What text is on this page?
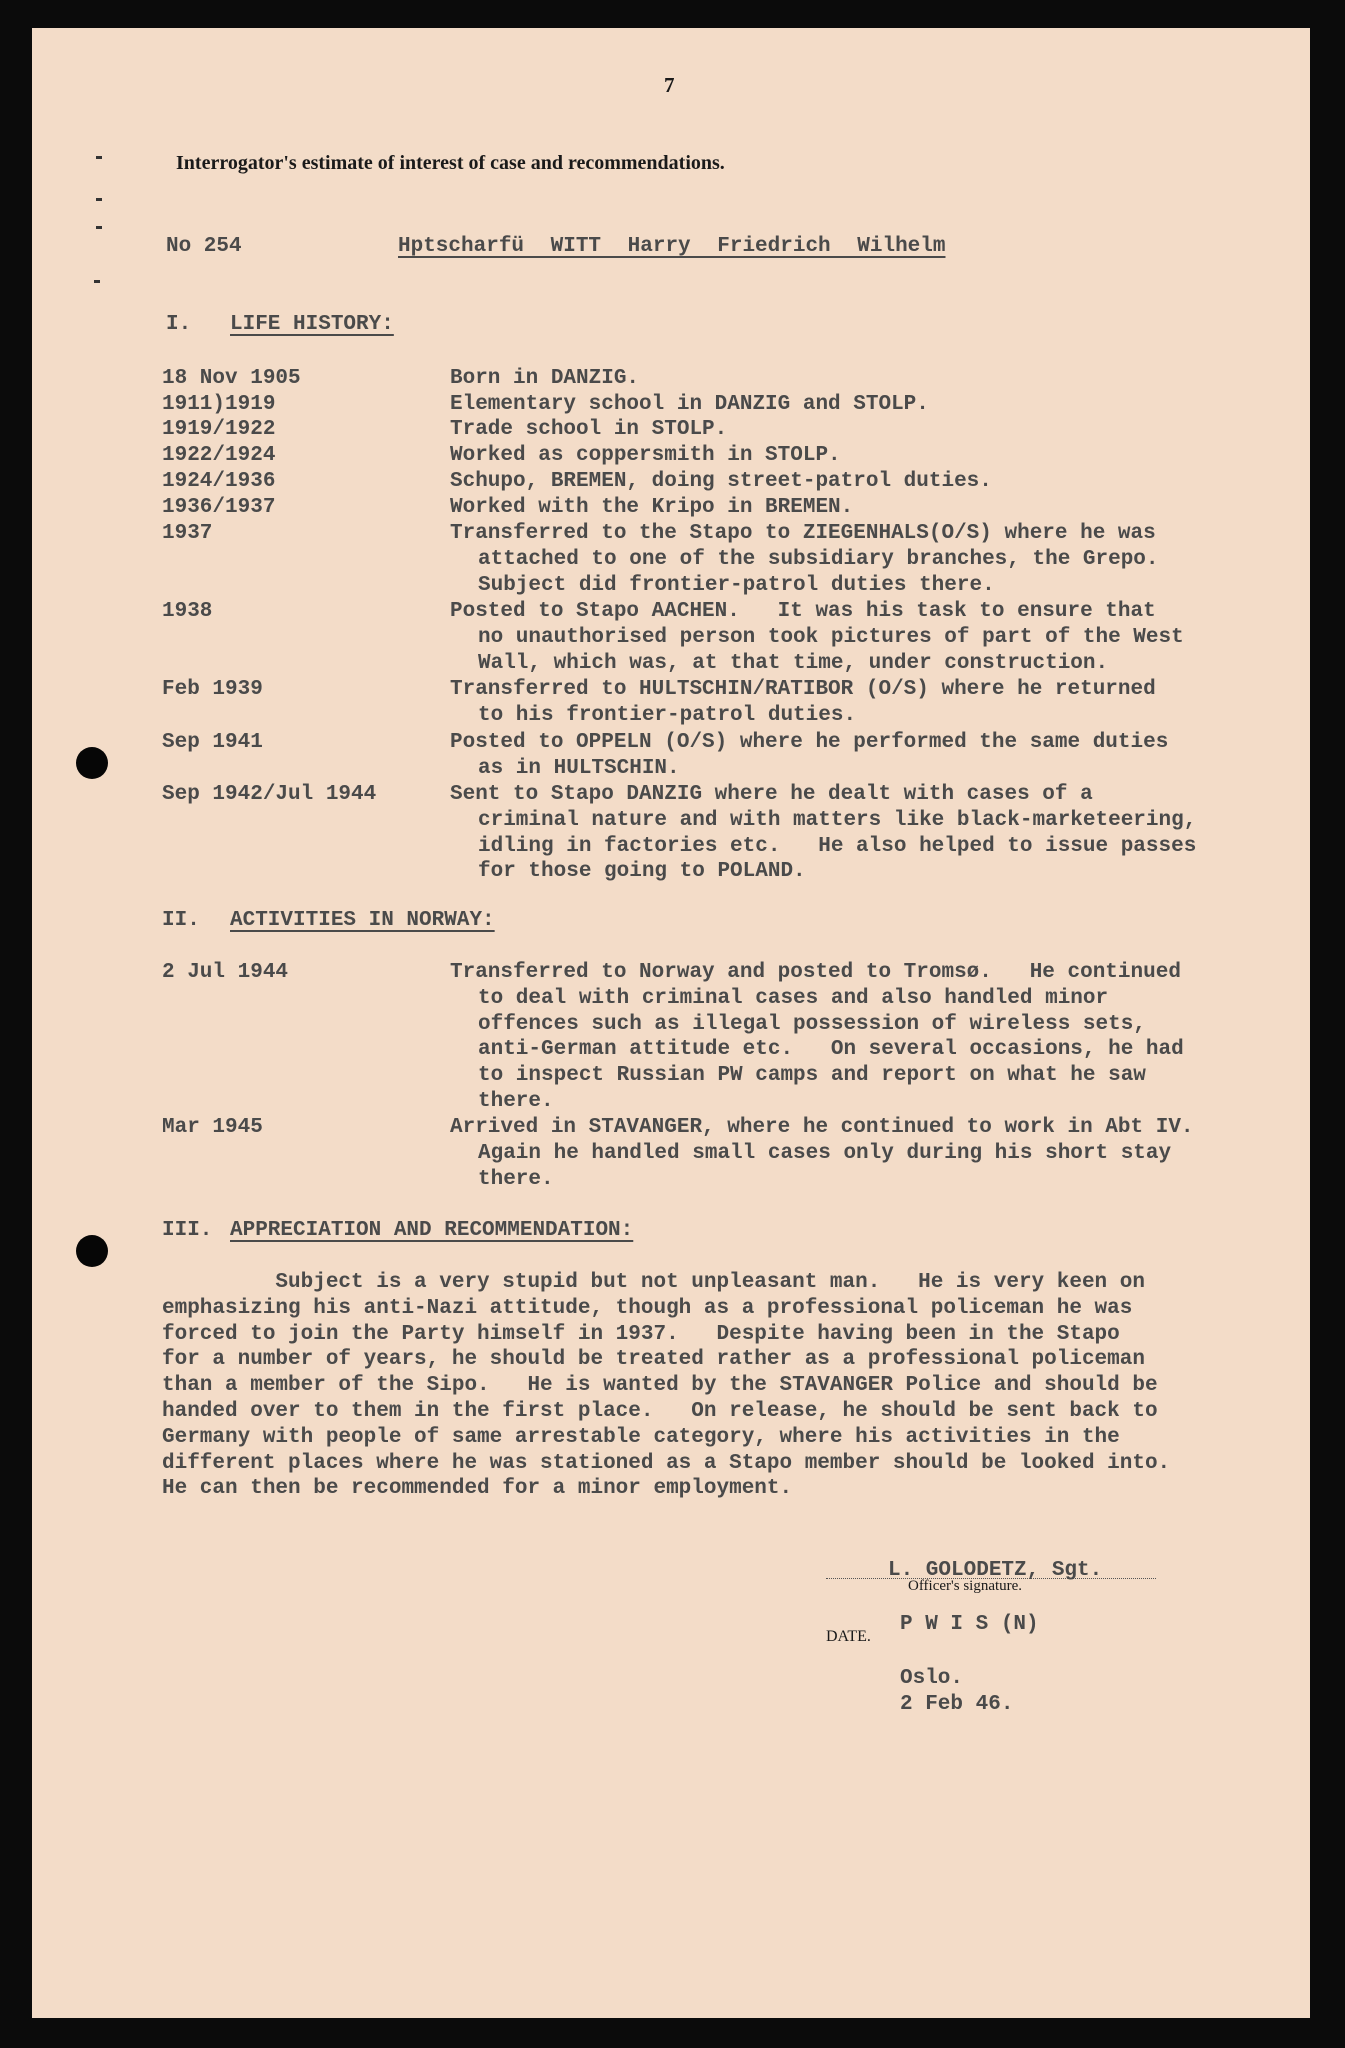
7
Interrogator's estimate of interest of case and recommendations.
No 254	Hptscharfü WITT Harry Friedrich Wilhelm
I. LIFE HISTORY:
18 Nov 1905	Born in DANZIG.
1911)1919	Elementary school in DANZIG and STOLP.
1919/1922	Trade school in STOLP.
1922/1924	Worked as coppersmith in STOLP.
1924/1936	Schupo, BREMEN, doing street-patrol duties.
1936/1937	Worked with the Kripo in BREMEN.
1937	Transferred to the Stapo to ZIEGENHALS(O/S) where he was
attached to one of the subsidiary branches, the Grepo.
Subject did frontier-patrol duties there.
1938	Posted to Stapo AACHEN.   It was his task to ensure that
no unauthorised person took pictures of part of the West
Wall, which was, at that time, under construction.
Feb 1939	Transferred to HULTSCHIN/RATIBOR (O/S) where he returned
to his frontier-patrol duties.
Sep 1941	Posted to OPPELN (O/S) where he performed the same duties
as in HULTSCHIN.
Sep 1942/Jul 1944	Sent to Stapo DANZIG where he dealt with cases of a
criminal nature and with matters like black-marketeering,
idling in factories etc.   He also helped to issue passes
for those going to POLAND.
II. ACTIVITIES IN NORWAY:
2 Jul 1944	Transferred to Norway and posted to Tromsø.   He continued
to deal with criminal cases and also handled minor
offences such as illegal possession of wireless sets,
anti-German attitude etc.   On several occasions, he had
to inspect Russian PW camps and report on what he saw
there.
Mar 1945	Arrived in STAVANGER, where he continued to work in Abt IV.
Again he handled small cases only during his short stay
there.
III. APPRECIATION AND RECOMMENDATION:
Subject is a very stupid but not unpleasant man.   He is very keen on
emphasizing his anti-Nazi attitude, though as a professional policeman he was
forced to join the Party himself in 1937.   Despite having been in the Stapo
for a number of years, he should be treated rather as a professional policeman
than a member of the Sipo.   He is wanted by the STAVANGER Police and should be
handed over to them in the first place.   On release, he should be sent back to
Germany with people of same arrestable category, where his activities in the
different places where he was stationed as a Stapo member should be looked into.
He can then be recommended for a minor employment.
L. GOLODETZ, Sgt.
Officer's signature.
P W I S (N)
DATE.
Oslo.
2 Feb 46.
